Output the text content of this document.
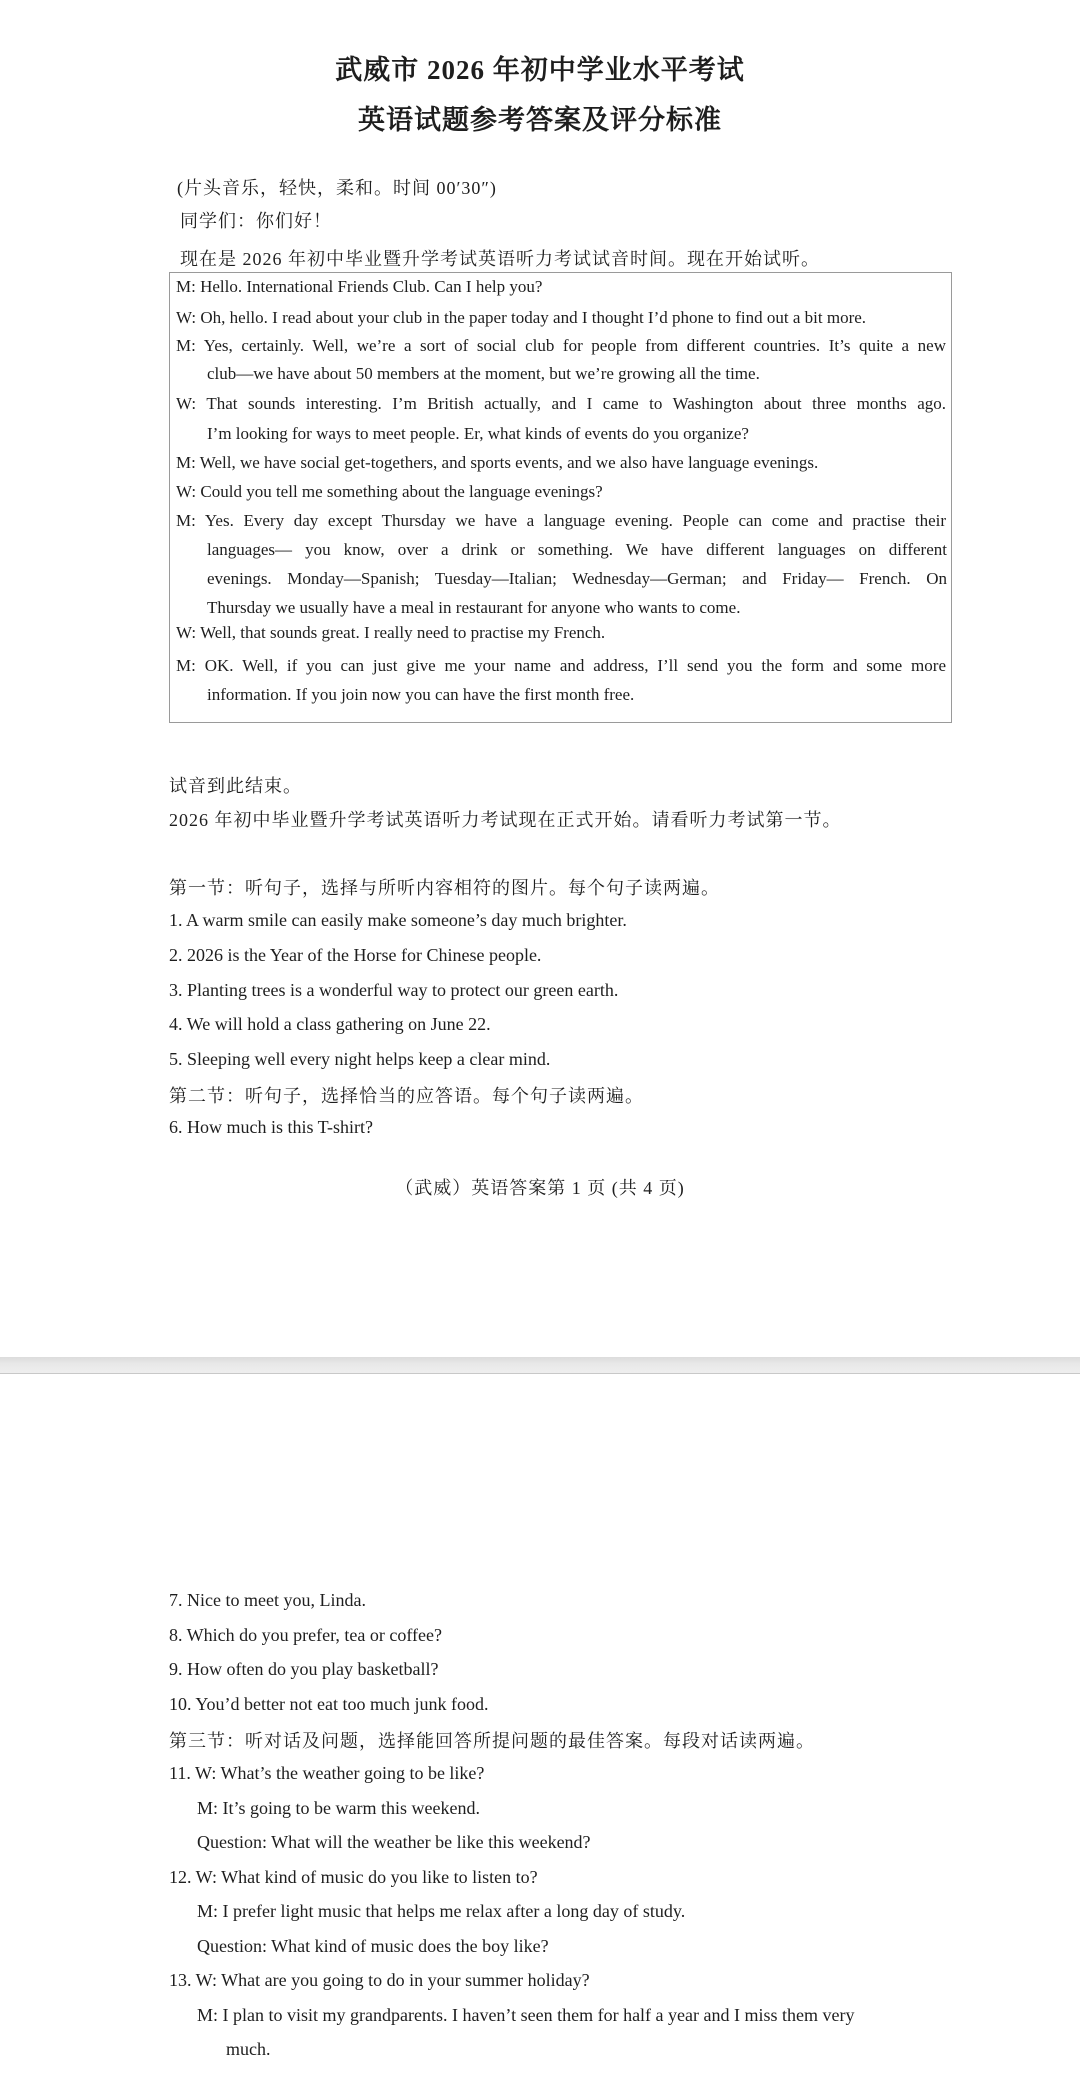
武威市 2026 年初中学业水平考试
英语试题参考答案及评分标准
(片头音乐，轻快，柔和。时间 00′30″)
同学们：你们好！
现在是 2026 年初中毕业暨升学考试英语听力考试试音时间。现在开始试听。
M: Hello. International Friends Club. Can I help you?
W: Oh, hello. I read about your club in the paper today and I thought I’d phone to find out a bit more.
M: Yes, certainly. Well, we’re a sort of social club for people from different countries. It’s quite a new
club—we have about 50 members at the moment, but we’re growing all the time.
W: That sounds interesting. I’m British actually, and I came to Washington about three months ago.
I’m looking for ways to meet people. Er, what kinds of events do you organize?
M: Well, we have social get-togethers, and sports events, and we also have language evenings.
W: Could you tell me something about the language evenings?
M: Yes. Every day except Thursday we have a language evening. People can come and practise their
languages— you know, over a drink or something. We have different languages on different
evenings. Monday—Spanish; Tuesday—Italian; Wednesday—German; and Friday— French. On
Thursday we usually have a meal in restaurant for anyone who wants to come.
W: Well, that sounds great. I really need to practise my French.
M: OK. Well, if you can just give me your name and address, I’ll send you the form and some more
information. If you join now you can have the first month free.
试音到此结束。
2026 年初中毕业暨升学考试英语听力考试现在正式开始。请看听力考试第一节。
第一节：听句子，选择与所听内容相符的图片。每个句子读两遍。
1. A warm smile can easily make someone’s day much brighter.
2. 2026 is the Year of the Horse for Chinese people.
3. Planting trees is a wonderful way to protect our green earth.
4. We will hold a class gathering on June 22.
5. Sleeping well every night helps keep a clear mind.
第二节：听句子，选择恰当的应答语。每个句子读两遍。
6. How much is this T-shirt?
（武威）英语答案第 1 页 (共 4 页)
7. Nice to meet you, Linda.
8. Which do you prefer, tea or coffee?
9. How often do you play basketball?
10. You’d better not eat too much junk food.
第三节：听对话及问题，选择能回答所提问题的最佳答案。每段对话读两遍。
11. W: What’s the weather going to be like?
M: It’s going to be warm this weekend.
Question: What will the weather be like this weekend?
12. W: What kind of music do you like to listen to?
M: I prefer light music that helps me relax after a long day of study.
Question: What kind of music does the boy like?
13. W: What are you going to do in your summer holiday?
M: I plan to visit my grandparents. I haven’t seen them for half a year and I miss them very
much.
